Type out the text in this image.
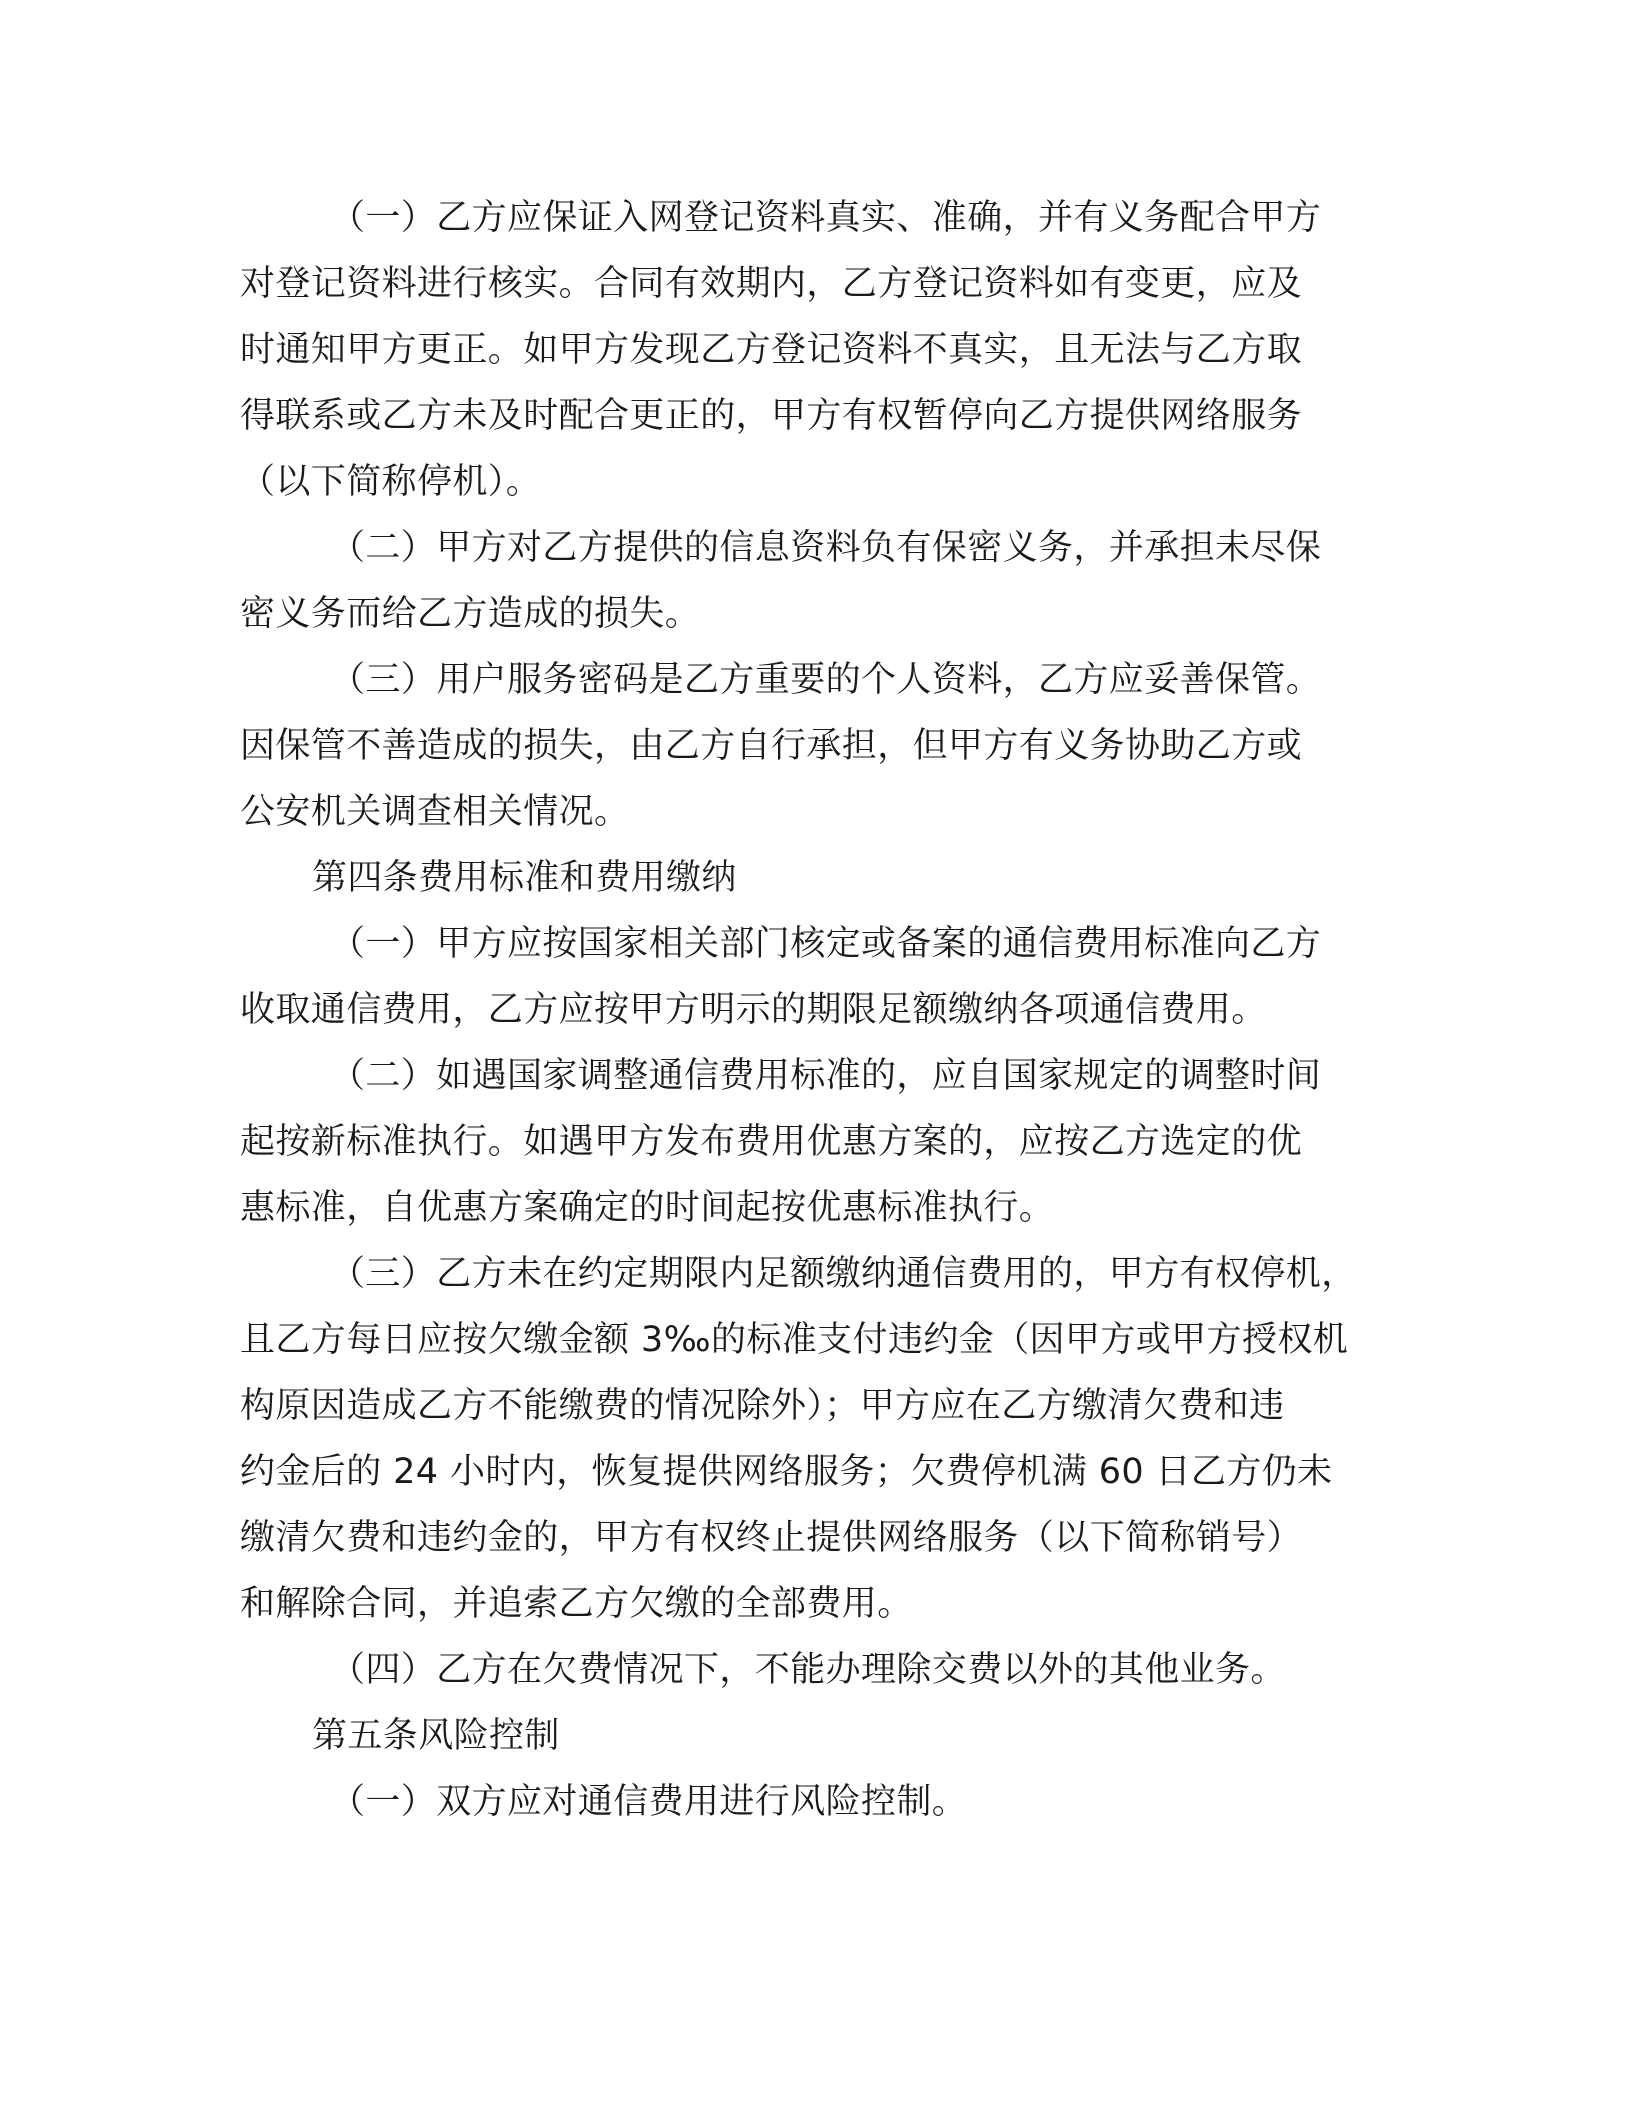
（一）乙方应保证入网登记资料真实、准确，并有义务配合甲方

对登记资料进行核实。合同有效期内，乙方登记资料如有变更，应及

时通知甲方更正。如甲方发现乙方登记资料不真实，且无法与乙方取

得联系或乙方未及时配合更正的，甲方有权暂停向乙方提供网络服务

（以下简称停机）。

（二）甲方对乙方提供的信息资料负有保密义务，并承担未尽保

密义务而给乙方造成的损失。

（三）用户服务密码是乙方重要的个人资料，乙方应妥善保管。

因保管不善造成的损失，由乙方自行承担，但甲方有义务协助乙方或

公安机关调查相关情况。

第四条费用标准和费用缴纳

（一）甲方应按国家相关部门核定或备案的通信费用标准向乙方

收取通信费用，乙方应按甲方明示的期限足额缴纳各项通信费用。

（二）如遇国家调整通信费用标准的，应自国家规定的调整时间

起按新标准执行。如遇甲方发布费用优惠方案的，应按乙方选定的优

惠标准，自优惠方案确定的时间起按优惠标准执行。

（三）乙方未在约定期限内足额缴纳通信费用的，甲方有权停机，

且乙方每日应按欠缴金额 3‰的标准支付违约金（因甲方或甲方授权机

构原因造成乙方不能缴费的情况除外）；甲方应在乙方缴清欠费和违

约金后的 24 小时内，恢复提供网络服务；欠费停机满 60 日乙方仍未

缴清欠费和违约金的，甲方有权终止提供网络服务（以下简称销号）

和解除合同，并追索乙方欠缴的全部费用。

（四）乙方在欠费情况下，不能办理除交费以外的其他业务。

第五条风险控制

（一）双方应对通信费用进行风险控制。
